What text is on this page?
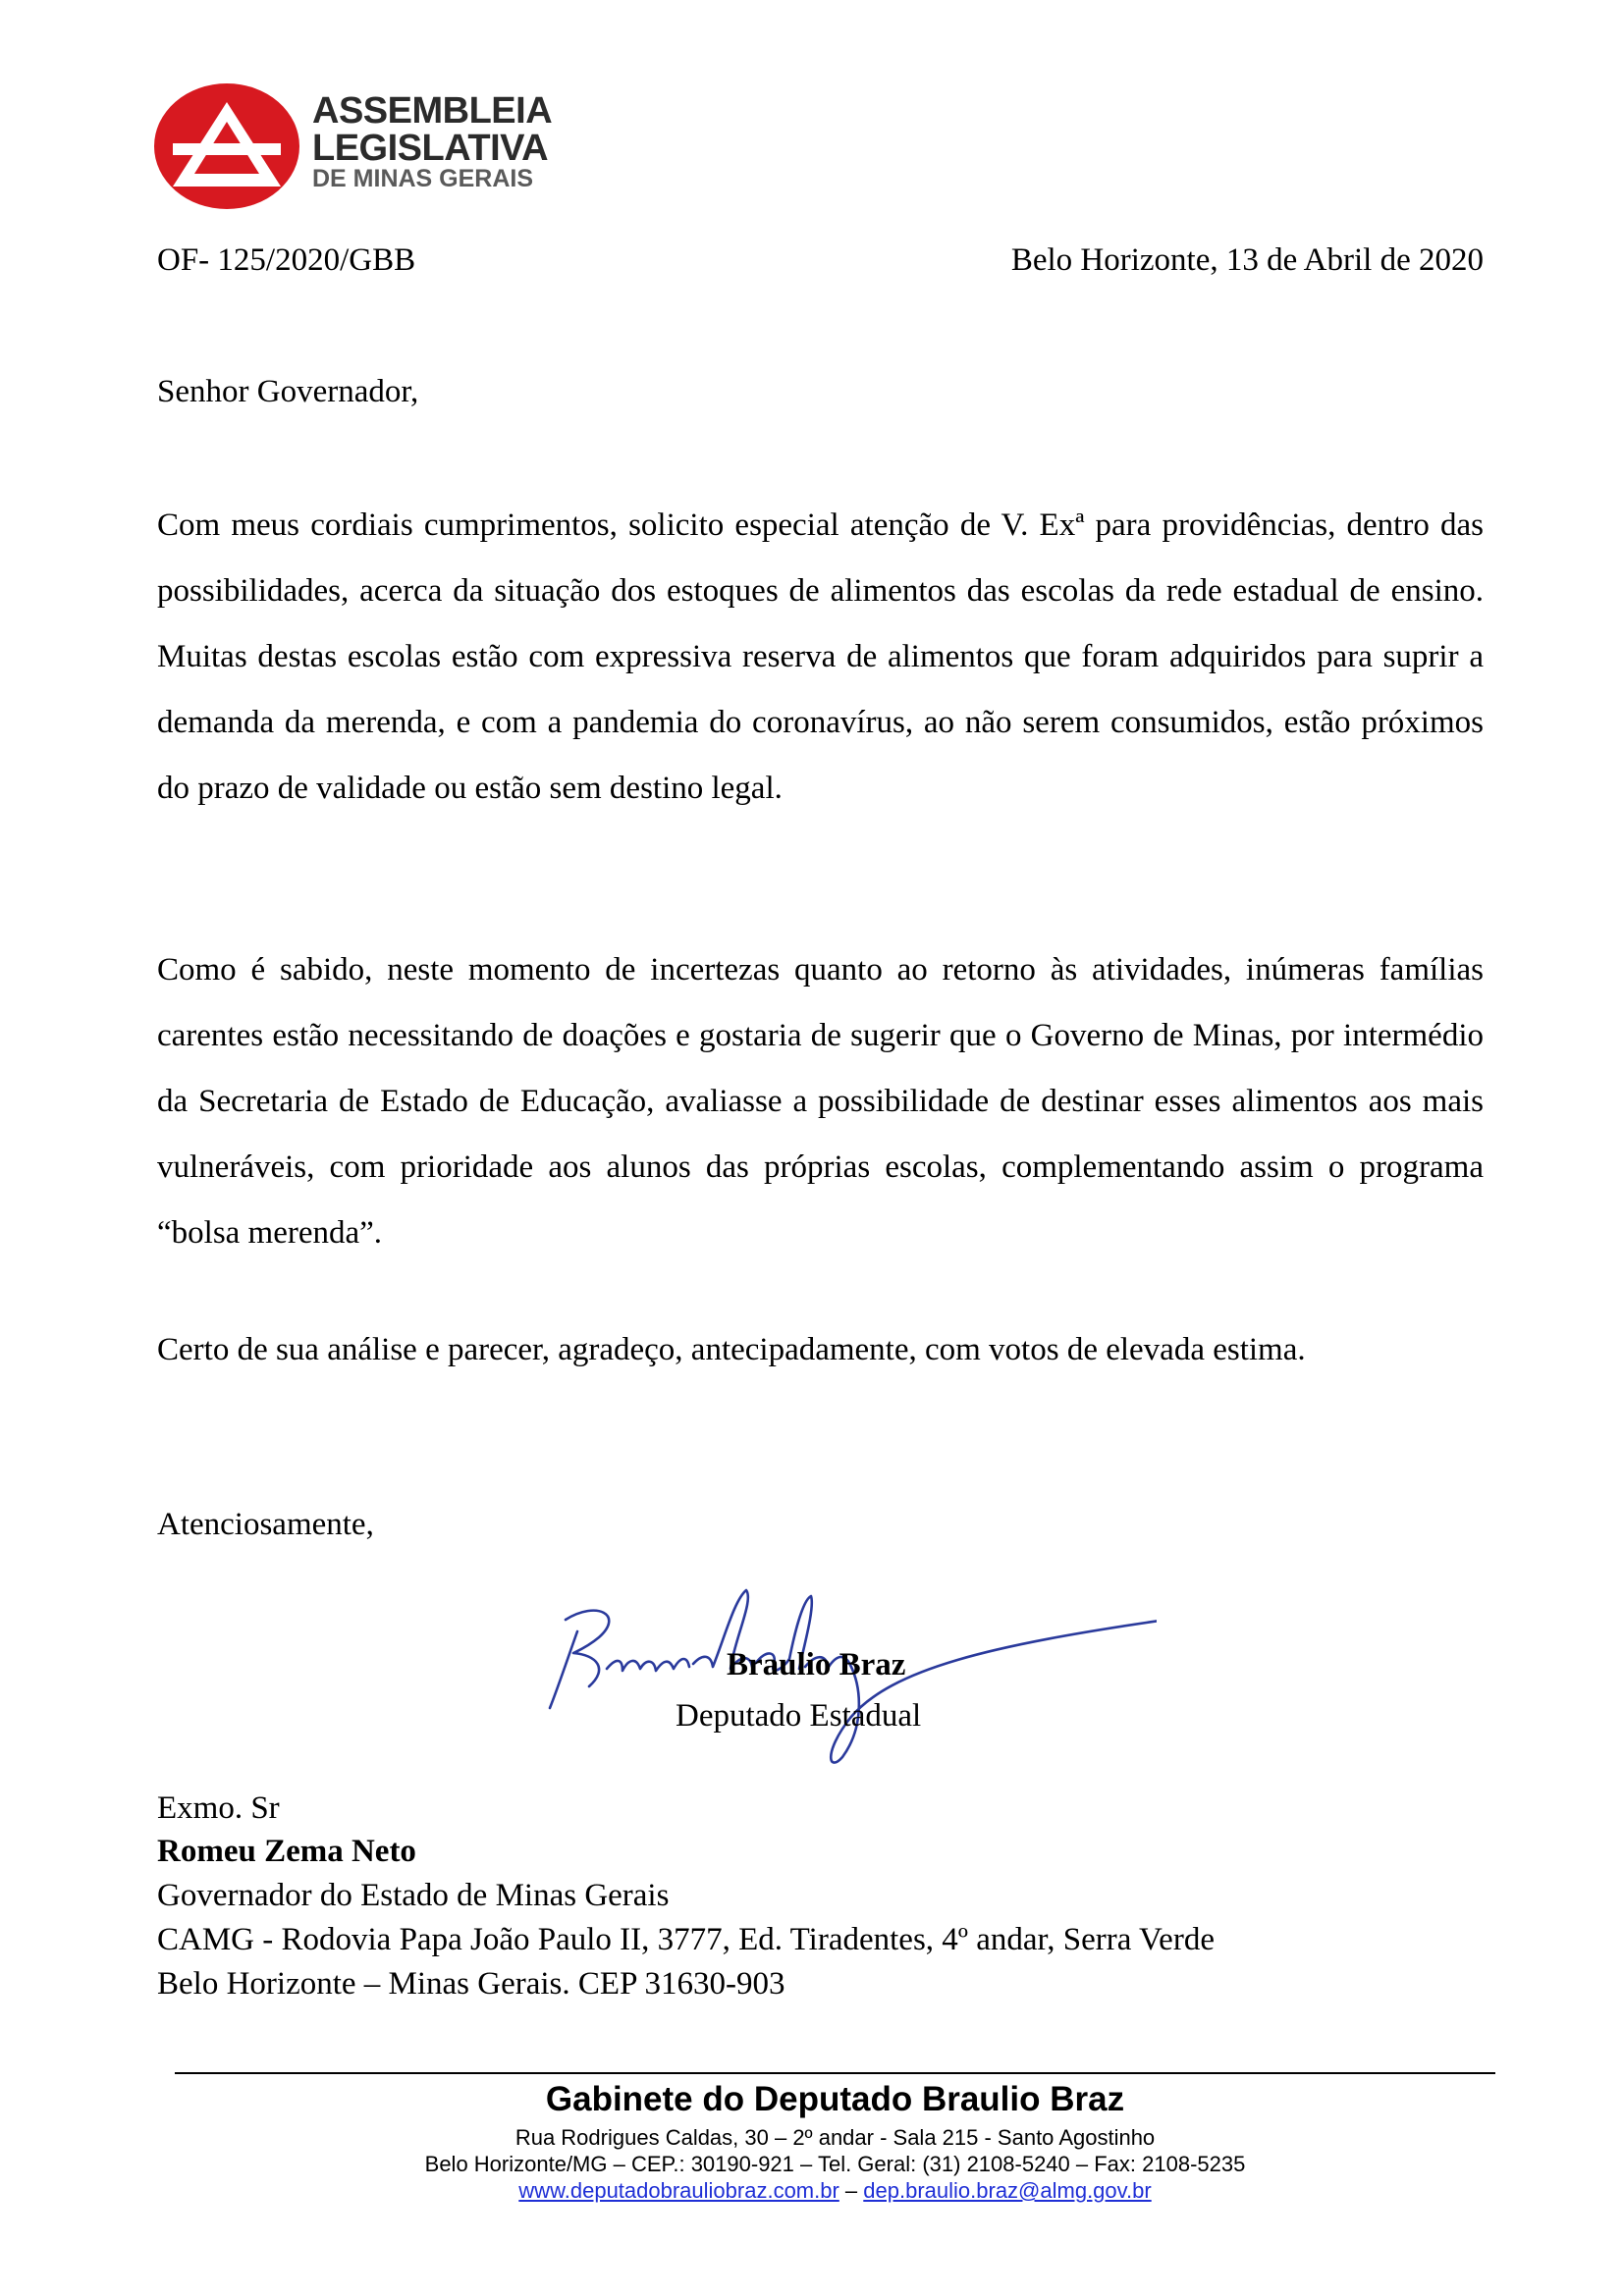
ASSEMBLEIA
LEGISLATIVA
DE MINAS GERAIS
OF- 125/2020/GBB	Belo Horizonte, 13 de Abril de 2020
Senhor Governador,
Com meus cordiais cumprimentos, solicito especial atenção de V. Exª para providências, dentro das possibilidades, acerca da situação dos estoques de alimentos das escolas da rede estadual de ensino. Muitas destas escolas estão com expressiva reserva de alimentos que foram adquiridos para suprir a demanda da merenda, e com a pandemia do coronavírus, ao não serem consumidos, estão próximos do prazo de validade ou estão sem destino legal.
Como é sabido, neste momento de incertezas quanto ao retorno às atividades, inúmeras famílias carentes estão necessitando de doações e gostaria de sugerir que o Governo de Minas, por intermédio da Secretaria de Estado de Educação, avaliasse a possibilidade de destinar esses alimentos aos mais vulneráveis, com prioridade aos alunos das próprias escolas, complementando assim o programa “bolsa merenda”.
Certo de sua análise e parecer, agradeço, antecipadamente, com votos de elevada estima.
Atenciosamente,
Braulio Braz
Deputado Estadual
Exmo. Sr
Romeu Zema Neto
Governador do Estado de Minas Gerais
CAMG - Rodovia Papa João Paulo II, 3777, Ed. Tiradentes, 4º andar, Serra Verde
Belo Horizonte – Minas Gerais. CEP 31630-903
Gabinete do Deputado Braulio Braz
Rua Rodrigues Caldas, 30 – 2º andar - Sala 215 - Santo Agostinho
Belo Horizonte/MG – CEP.: 30190-921 – Tel. Geral: (31) 2108-5240 – Fax: 2108-5235
www.deputadobrauliobraz.com.br – dep.braulio.braz@almg.gov.br
